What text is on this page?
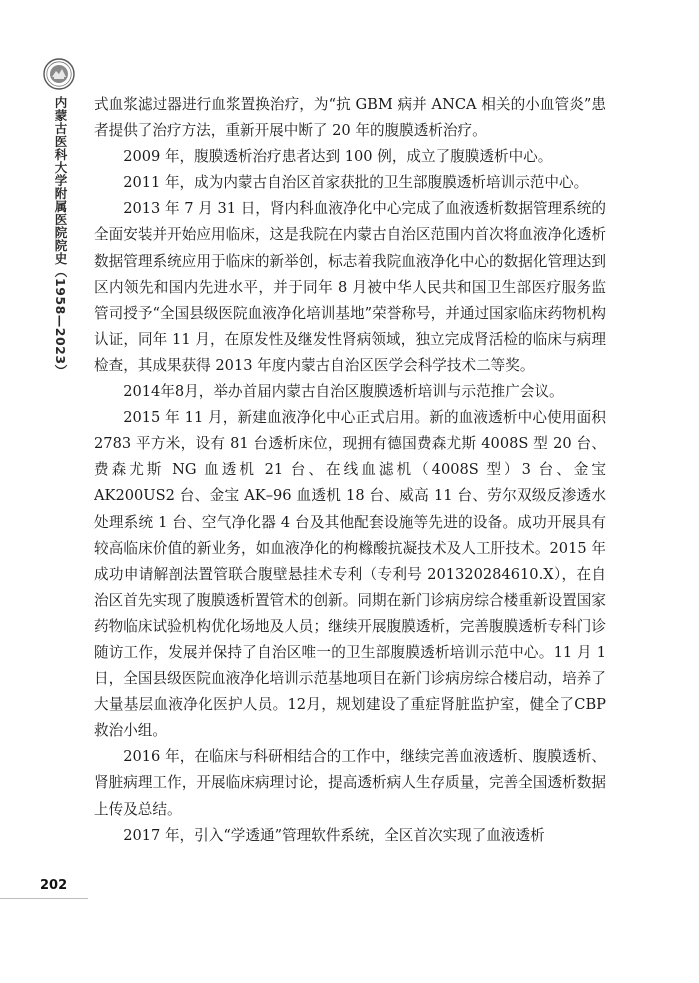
内蒙古医科大学附属医院院史（1958—2023） 式血浆滤过器进行血浆置换治疗，为“抗 GBM 病并 ANCA 相关的小血管炎”患者提供了治疗方法，重新开展中断了 20 年的腹膜透析治疗。

2009 年，腹膜透析治疗患者达到 100 例，成立了腹膜透析中心。

2011 年，成为内蒙古自治区首家获批的卫生部腹膜透析培训示范中心。

2013 年 7 月 31 日，肾内科血液净化中心完成了血液透析数据管理系统的全面安装并开始应用临床，这是我院在内蒙古自治区范围内首次将血液净化透析数据管理系统应用于临床的新举创，标志着我院血液净化中心的数据化管理达到区内领先和国内先进水平，并于同年 8 月被中华人民共和国卫生部医疗服务监管司授予“全国县级医院血液净化培训基地”荣誉称号，并通过国家临床药物机构认证，同年 11 月，在原发性及继发性肾病领域，独立完成肾活检的临床与病理检查，其成果获得 2013 年度内蒙古自治区医学会科学技术二等奖。

2014年8月，举办首届内蒙古自治区腹膜透析培训与示范推广会议。

2015 年 11 月，新建血液净化中心正式启用。新的血液透析中心使用面积 2783 平方米，设有 81 台透析床位，现拥有德国费森尤斯 4008S 型 20 台、费森尤斯 NG 血透机 21 台、在线血滤机（4008S 型）3 台、金宝 AK200US2 台、金宝 AK–96 血透机 18 台、威高 11 台、劳尔双级反渗透水处理系统 1 台、空气净化器 4 台及其他配套设施等先进的设备。成功开展具有较高临床价值的新业务，如血液净化的枸橼酸抗凝技术及人工肝技术。2015 年成功申请解剖法置管联合腹壁悬挂术专利（专利号 201320284610.X），在自治区首先实现了腹膜透析置管术的创新。同期在新门诊病房综合楼重新设置国家药物临床试验机构优化场地及人员；继续开展腹膜透析，完善腹膜透析专科门诊随访工作，发展并保持了自治区唯一的卫生部腹膜透析培训示范中心。11 月 1 日，全国县级医院血液净化培训示范基地项目在新门诊病房综合楼启动，培养了大量基层血液净化医护人员。12月，规划建设了重症肾脏监护室，健全了CBP救治小组。

2016 年，在临床与科研相结合的工作中，继续完善血液透析、腹膜透析、肾脏病理工作，开展临床病理讨论，提高透析病人生存质量，完善全国透析数据上传及总结。

2017 年，引入“学透通”管理软件系统，全区首次实现了血液透析

202
